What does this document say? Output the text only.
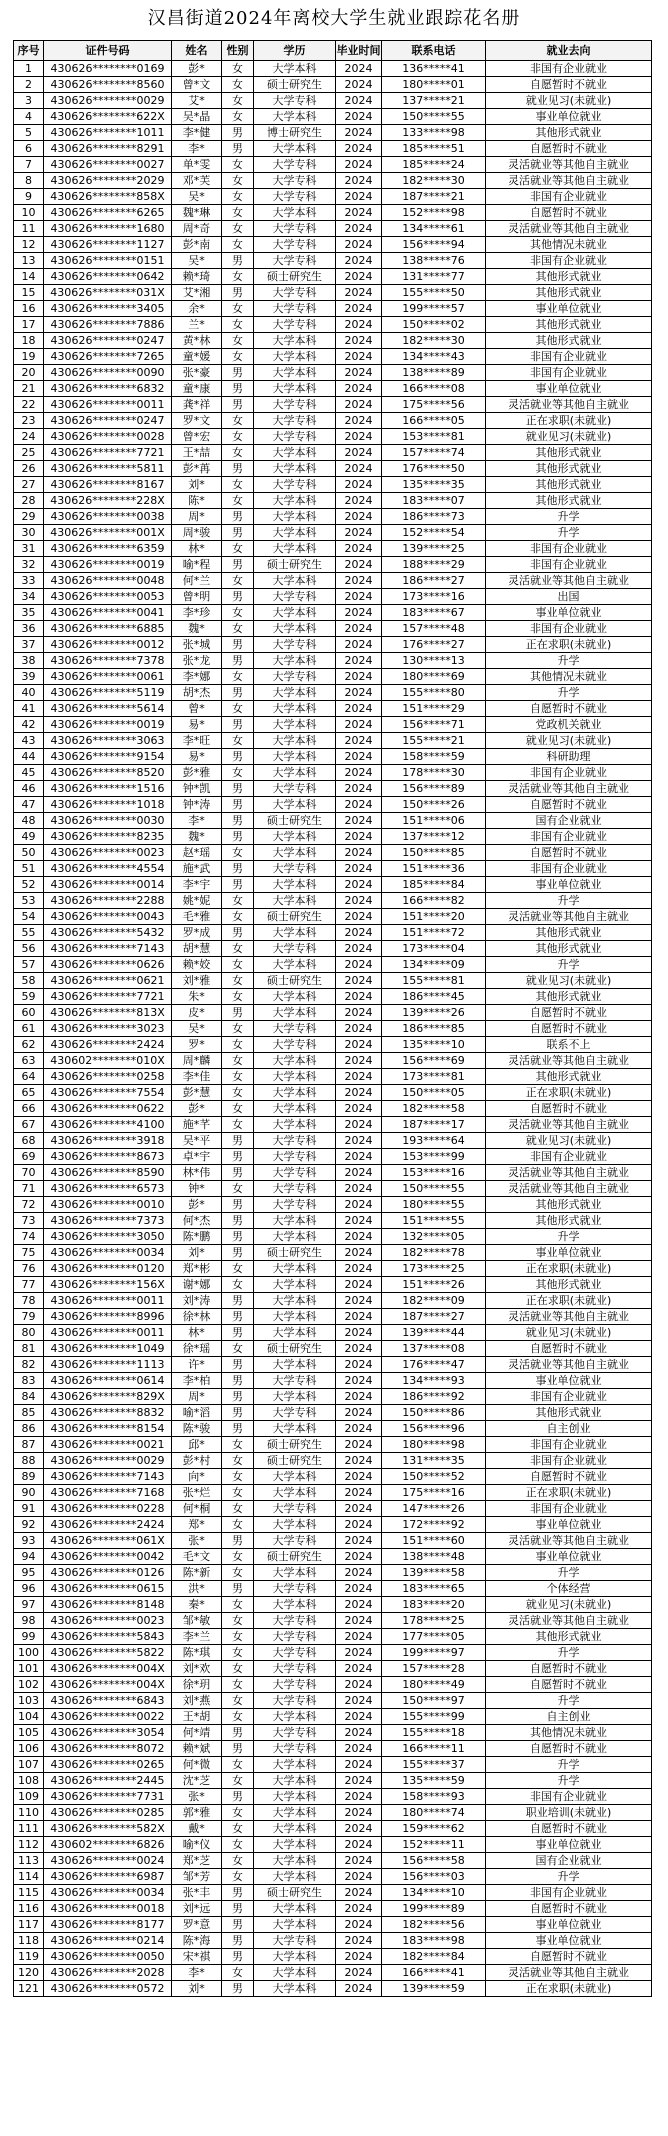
汉昌街道2024年离校大学生就业跟踪花名册
序号	证件号码	姓名	性别	学历	毕业时间	联系电话	就业去向
1	430626********0169	彭*	女	大学本科	2024	136*****41	非国有企业就业
2	430626********8560	曾*文	女	硕士研究生	2024	180*****01	自愿暂时不就业
3	430626********0029	艾*	女	大学专科	2024	137*****21	就业见习(未就业)
4	430626********622X	吴*晶	女	大学本科	2024	150*****55	事业单位就业
5	430626********1011	李*健	男	博士研究生	2024	133*****98	其他形式就业
6	430626********8291	李*	男	大学本科	2024	185*****51	自愿暂时不就业
7	430626********0027	单*雯	女	大学专科	2024	185*****24	灵活就业等其他自主就业
8	430626********2029	邓*芙	女	大学专科	2024	182*****30	灵活就业等其他自主就业
9	430626********858X	吴*	女	大学专科	2024	187*****21	非国有企业就业
10	430626********6265	魏*琳	女	大学本科	2024	152*****98	自愿暂时不就业
11	430626********1680	周*奇	女	大学专科	2024	134*****61	灵活就业等其他自主就业
12	430626********1127	彭*南	女	大学专科	2024	156*****94	其他情况未就业
13	430626********0151	吴*	男	大学专科	2024	138*****76	非国有企业就业
14	430626********0642	赖*琦	女	硕士研究生	2024	131*****77	其他形式就业
15	430626********031X	艾*湘	男	大学专科	2024	155*****50	其他形式就业
16	430626********3405	余*	女	大学专科	2024	199*****57	事业单位就业
17	430626********7886	兰*	女	大学专科	2024	150*****02	其他形式就业
18	430626********0247	黄*林	女	大学本科	2024	182*****30	其他形式就业
19	430626********7265	童*媛	女	大学本科	2024	134*****43	非国有企业就业
20	430626********0090	张*豪	男	大学本科	2024	138*****89	非国有企业就业
21	430626********6832	童*康	男	大学本科	2024	166*****08	事业单位就业
22	430626********0011	龚*祥	男	大学专科	2024	175*****56	灵活就业等其他自主就业
23	430626********0247	罗*文	女	大学专科	2024	166*****05	正在求职(未就业)
24	430626********0028	曾*宏	女	大学专科	2024	153*****81	就业见习(未就业)
25	430626********7721	王*喆	女	大学本科	2024	157*****74	其他形式就业
26	430626********5811	彭*苒	男	大学本科	2024	176*****50	其他形式就业
27	430626********8167	刘*	女	大学专科	2024	135*****35	其他形式就业
28	430626********228X	陈*	女	大学本科	2024	183*****07	其他形式就业
29	430626********0038	周*	男	大学本科	2024	186*****73	升学
30	430626********001X	周*骏	男	大学本科	2024	152*****54	升学
31	430626********6359	林*	女	大学本科	2024	139*****25	非国有企业就业
32	430626********0019	喻*程	男	硕士研究生	2024	188*****29	非国有企业就业
33	430626********0048	何*兰	女	大学本科	2024	186*****27	灵活就业等其他自主就业
34	430626********0053	曾*明	男	大学专科	2024	173*****16	出国
35	430626********0041	李*珍	女	大学本科	2024	183*****67	事业单位就业
36	430626********6885	魏*	女	大学本科	2024	157*****48	非国有企业就业
37	430626********0012	张*城	男	大学专科	2024	176*****27	正在求职(未就业)
38	430626********7378	张*龙	男	大学本科	2024	130*****13	升学
39	430626********0061	李*娜	女	大学专科	2024	180*****69	其他情况未就业
40	430626********5119	胡*杰	男	大学本科	2024	155*****80	升学
41	430626********5614	曾*	女	大学本科	2024	151*****29	自愿暂时不就业
42	430626********0019	易*	男	大学本科	2024	156*****71	党政机关就业
43	430626********3063	李*旺	女	大学本科	2024	155*****21	就业见习(未就业)
44	430626********9154	易*	男	大学本科	2024	158*****59	科研助理
45	430626********8520	彭*雅	女	大学本科	2024	178*****30	非国有企业就业
46	430626********1516	钟*凯	男	大学专科	2024	156*****89	灵活就业等其他自主就业
47	430626********1018	钟*涛	男	大学本科	2024	150*****26	自愿暂时不就业
48	430626********0030	李*	男	硕士研究生	2024	151*****06	国有企业就业
49	430626********8235	魏*	男	大学本科	2024	137*****12	非国有企业就业
50	430626********0023	赵*瑶	女	大学本科	2024	150*****85	自愿暂时不就业
51	430626********4554	施*武	男	大学专科	2024	151*****36	非国有企业就业
52	430626********0014	李*宇	男	大学本科	2024	185*****84	事业单位就业
53	430626********2288	姚*妮	女	大学本科	2024	166*****82	升学
54	430626********0043	毛*雅	女	硕士研究生	2024	151*****20	灵活就业等其他自主就业
55	430626********5432	罗*成	男	大学本科	2024	151*****72	其他形式就业
56	430626********7143	胡*慧	女	大学专科	2024	173*****04	其他形式就业
57	430626********0626	赖*姣	女	大学本科	2024	134*****09	升学
58	430626********0621	刘*雅	女	硕士研究生	2024	155*****81	就业见习(未就业)
59	430626********7721	朱*	女	大学本科	2024	186*****45	其他形式就业
60	430626********813X	皮*	男	大学本科	2024	139*****26	自愿暂时不就业
61	430626********3023	吴*	女	大学专科	2024	186*****85	自愿暂时不就业
62	430626********2424	罗*	女	大学专科	2024	135*****10	联系不上
63	430602********010X	周*麟	女	大学本科	2024	156*****69	灵活就业等其他自主就业
64	430626********0258	李*佳	女	大学本科	2024	173*****81	其他形式就业
65	430626********7554	彭*慧	女	大学本科	2024	150*****05	正在求职(未就业)
66	430626********0622	彭*	女	大学本科	2024	182*****58	自愿暂时不就业
67	430626********4100	施*芊	女	大学本科	2024	187*****17	灵活就业等其他自主就业
68	430626********3918	吴*平	男	大学专科	2024	193*****64	就业见习(未就业)
69	430626********8673	卓*宇	男	大学专科	2024	153*****99	非国有企业就业
70	430626********8590	林*伟	男	大学专科	2024	153*****16	灵活就业等其他自主就业
71	430626********6573	钟*	女	大学专科	2024	150*****55	灵活就业等其他自主就业
72	430626********0010	彭*	男	大学专科	2024	180*****55	其他形式就业
73	430626********7373	何*杰	男	大学本科	2024	151*****55	其他形式就业
74	430626********3050	陈*鹏	男	大学本科	2024	132*****05	升学
75	430626********0034	刘*	男	硕士研究生	2024	182*****78	事业单位就业
76	430626********0120	郑*彬	女	大学本科	2024	173*****25	正在求职(未就业)
77	430626********156X	谢*娜	女	大学本科	2024	151*****26	其他形式就业
78	430626********0011	刘*涛	男	大学本科	2024	182*****09	正在求职(未就业)
79	430626********8996	徐*林	男	大学本科	2024	187*****27	灵活就业等其他自主就业
80	430626********0011	林*	男	大学本科	2024	139*****44	就业见习(未就业)
81	430626********1049	徐*瑶	女	硕士研究生	2024	137*****08	自愿暂时不就业
82	430626********1113	许*	男	大学本科	2024	176*****47	灵活就业等其他自主就业
83	430626********0614	李*柏	男	大学专科	2024	134*****93	事业单位就业
84	430626********829X	周*	男	大学本科	2024	186*****92	非国有企业就业
85	430626********8832	喻*滔	男	大学专科	2024	150*****86	其他形式就业
86	430626********8154	陈*骏	男	大学本科	2024	156*****96	自主创业
87	430626********0021	邱*	女	硕士研究生	2024	180*****98	非国有企业就业
88	430626********0029	彭*村	女	硕士研究生	2024	131*****35	非国有企业就业
89	430626********7143	向*	女	大学本科	2024	150*****52	自愿暂时不就业
90	430626********7168	张*烂	女	大学本科	2024	175*****16	正在求职(未就业)
91	430626********0228	何*桐	女	大学专科	2024	147*****26	非国有企业就业
92	430626********2424	郑*	女	大学本科	2024	172*****92	事业单位就业
93	430626********061X	张*	男	大学专科	2024	151*****60	灵活就业等其他自主就业
94	430626********0042	毛*文	女	硕士研究生	2024	138*****48	事业单位就业
95	430626********0126	陈*新	女	大学本科	2024	139*****58	升学
96	430626********0615	洪*	男	大学专科	2024	183*****65	个体经营
97	430626********8148	秦*	女	大学本科	2024	183*****20	就业见习(未就业)
98	430626********0023	邹*敏	女	大学专科	2024	178*****25	灵活就业等其他自主就业
99	430626********5843	李*兰	女	大学专科	2024	177*****05	其他形式就业
100	430626********5822	陈*琪	女	大学专科	2024	199*****97	升学
101	430626********004X	刘*欢	女	大学专科	2024	157*****28	自愿暂时不就业
102	430626********004X	徐*玥	女	大学专科	2024	180*****49	自愿暂时不就业
103	430626********6843	刘*燕	女	大学专科	2024	150*****97	升学
104	430626********0022	王*胡	女	大学本科	2024	155*****99	自主创业
105	430626********3054	何*靖	男	大学专科	2024	155*****18	其他情况未就业
106	430626********8072	赖*斌	男	大学专科	2024	166*****11	自愿暂时不就业
107	430626********0265	何*微	女	大学本科	2024	155*****37	升学
108	430626********2445	沈*芝	女	大学本科	2024	135*****59	升学
109	430626********7731	张*	男	大学本科	2024	158*****93	非国有企业就业
110	430626********0285	郭*雅	女	大学本科	2024	180*****74	职业培训(未就业)
111	430626********582X	戴*	女	大学本科	2024	159*****62	自愿暂时不就业
112	430602********6826	喻*仪	女	大学本科	2024	152*****11	事业单位就业
113	430626********0024	郑*芝	女	大学本科	2024	156*****58	国有企业就业
114	430626********6987	邹*芳	女	大学本科	2024	156*****03	升学
115	430626********0034	张*丰	男	硕士研究生	2024	134*****10	非国有企业就业
116	430626********0018	刘*远	男	大学本科	2024	199*****89	自愿暂时不就业
117	430626********8177	罗*意	男	大学本科	2024	182*****56	事业单位就业
118	430626********0214	陈*海	男	大学专科	2024	183*****98	事业单位就业
119	430626********0050	宋*祺	男	大学本科	2024	182*****84	自愿暂时不就业
120	430626********2028	李*	女	大学本科	2024	166*****41	灵活就业等其他自主就业
121	430626********0572	刘*	男	大学本科	2024	139*****59	正在求职(未就业)
